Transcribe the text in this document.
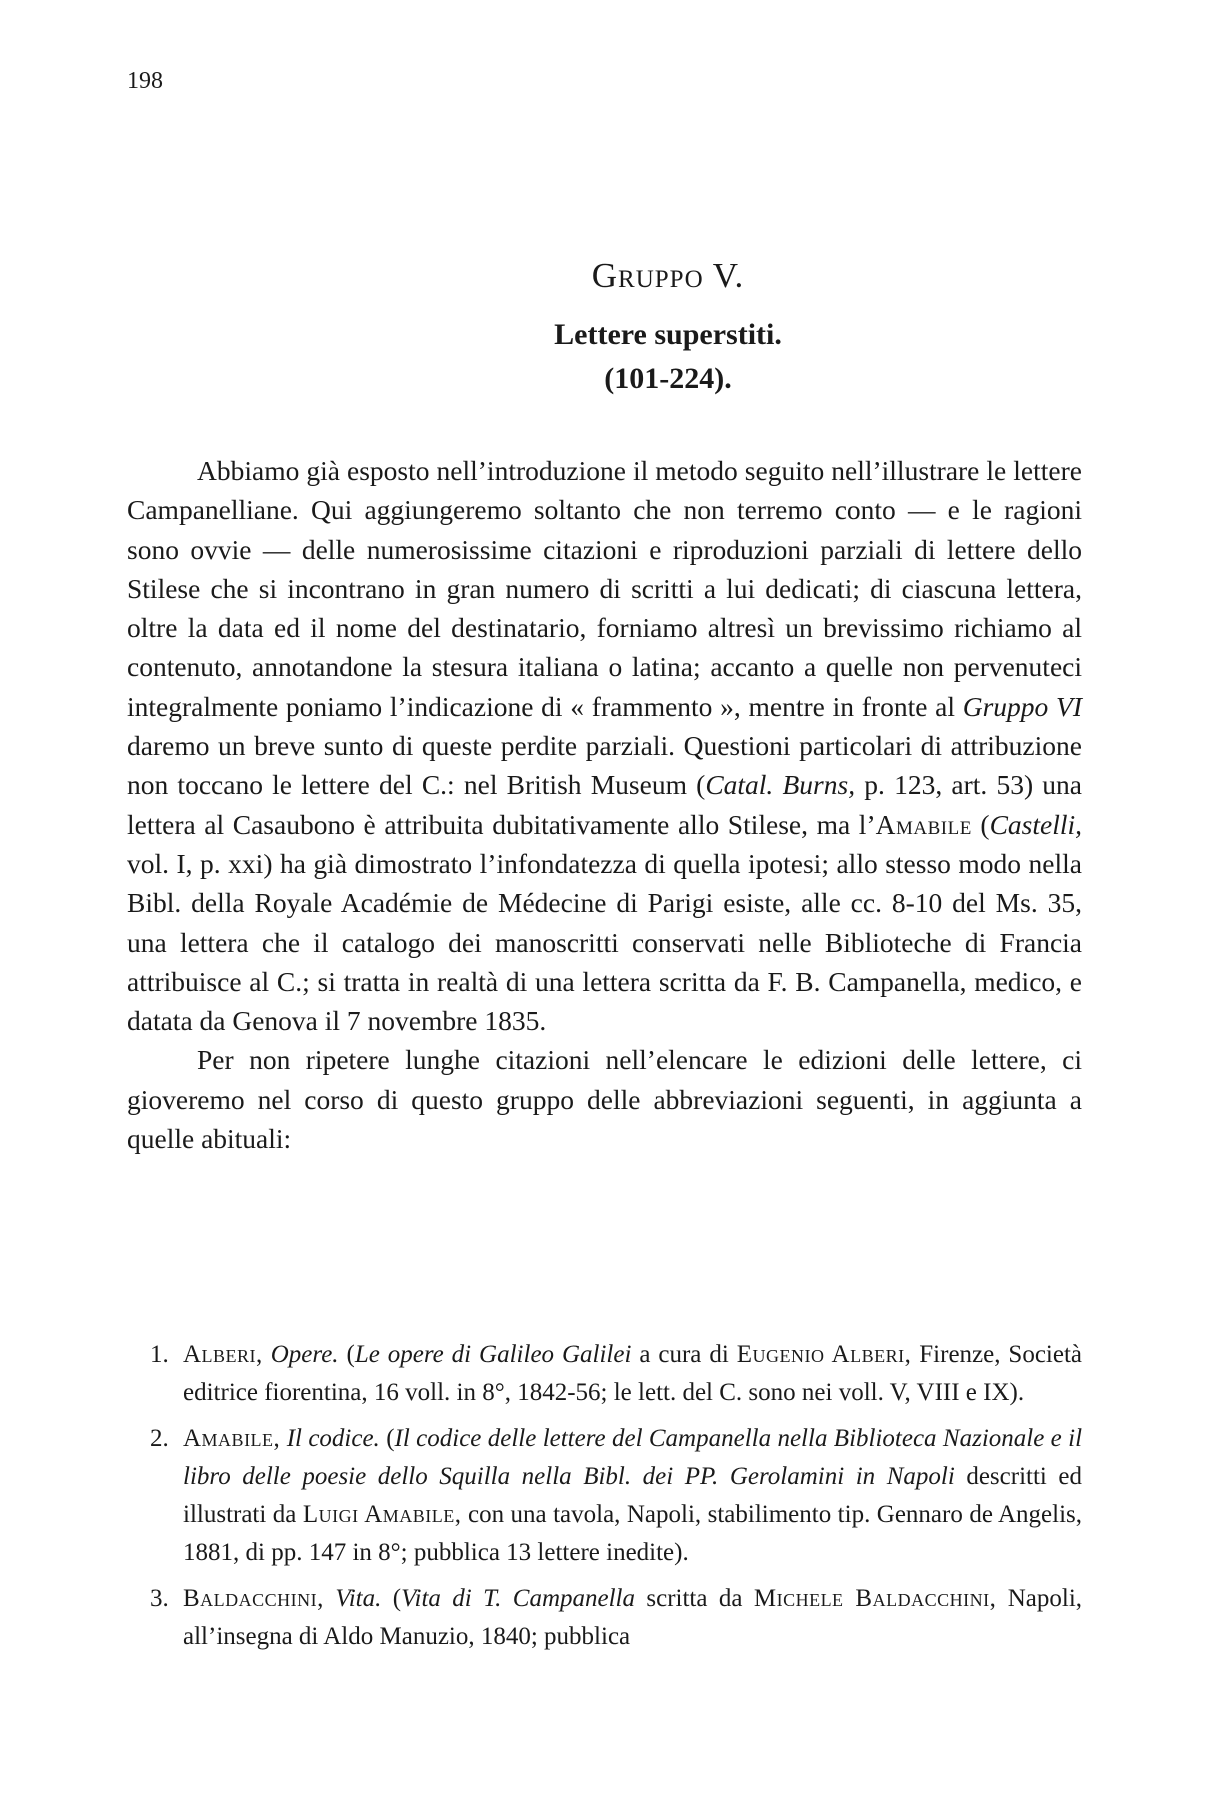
198
Gruppo V.
Lettere superstiti.
(101-224).

Abbiamo già esposto nell’introduzione il metodo seguito nell’illustrare le lettere Campanelliane. Qui aggiungeremo soltanto che non terremo conto — e le ragioni sono ovvie — delle numerosissime citazioni e riproduzioni parziali di lettere dello Stilese che si incontrano in gran numero di scritti a lui dedicati; di ciascuna lettera, oltre la data ed il nome del destinatario, forniamo altresì un brevissimo richiamo al contenuto, annotandone la stesura italiana o latina; accanto a quelle non pervenuteci integralmente poniamo l’indicazione di « frammento », mentre in fronte al Gruppo VI daremo un breve sunto di queste perdite parziali. Questioni particolari di attribuzione non toccano le lettere del C.: nel British Museum (Catal. Burns, p. 123, art. 53) una lettera al Casaubono è attribuita dubitativamente allo Stilese, ma l’Amabile (Castelli, vol. I, p. xxi) ha già dimostrato l’infondatezza di quella ipotesi; allo stesso modo nella Bibl. della Royale Académie de Médecine di Parigi esiste, alle cc. 8-10 del Ms. 35, una lettera che il catalogo dei manoscritti conservati nelle Biblioteche di Francia attribuisce al C.; si tratta in realtà di una lettera scritta da F. B. Campanella, medico, e datata da Genova il 7 novembre 1835.

Per non ripetere lunghe citazioni nell’elencare le edizioni delle lettere, ci gioveremo nel corso di questo gruppo delle abbreviazioni seguenti, in aggiunta a quelle abituali:

1. Alberi, Opere. (Le opere di Galileo Galilei a cura di Eugenio Alberi, Firenze, Società editrice fiorentina, 16 voll. in 8°, 1842-56; le lett. del C. sono nei voll. V, VIII e IX).
2. Amabile, Il codice. (Il codice delle lettere del Campanella nella Biblioteca Nazionale e il libro delle poesie dello Squilla nella Bibl. dei PP. Gerolamini in Napoli descritti ed illustrati da Luigi Amabile, con una tavola, Napoli, stabilimento tip. Gennaro de Angelis, 1881, di pp. 147 in 8°; pubblica 13 lettere inedite).
3. Baldacchini, Vita. (Vita di T. Campanella scritta da Michele Baldacchini, Napoli, all’insegna di Aldo Manuzio, 1840; pubblica
